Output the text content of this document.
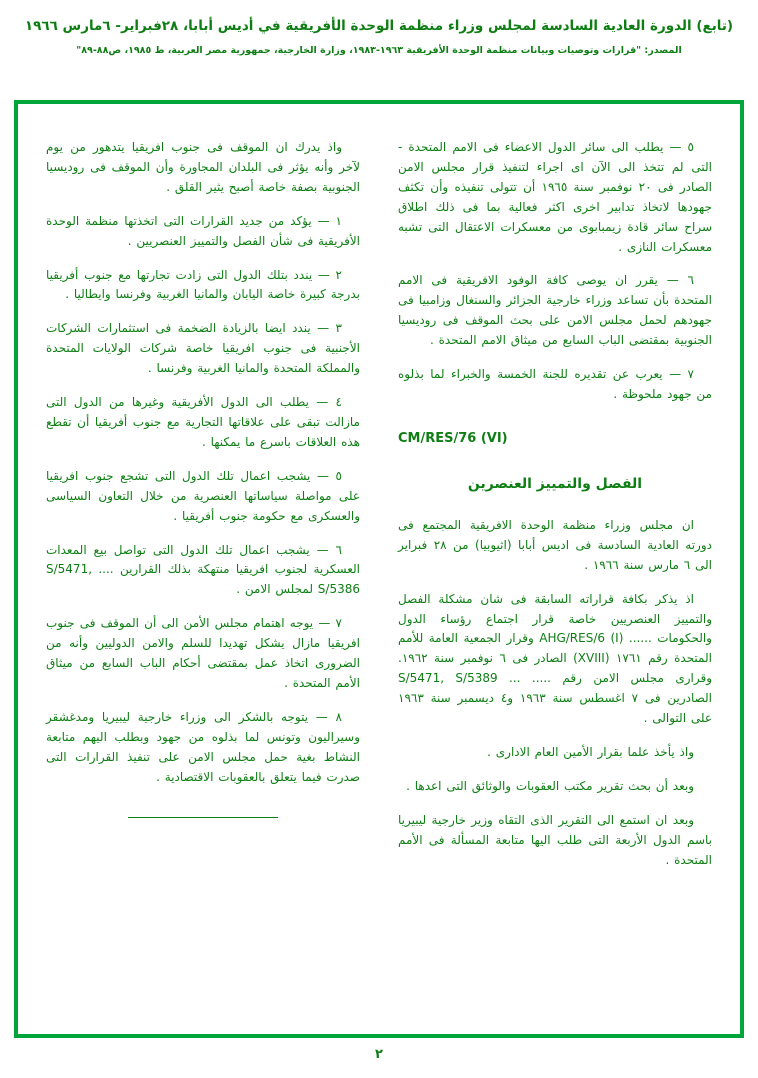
(تابع) الدورة العادية السادسة لمجلس وزراء منظمة الوحدة الأفريقية في أديس أبابا، ٢٨فبراير- ٦مارس ١٩٦٦
المصدر: "قرارات وتوصيات وبيانات منظمة الوحدة الأفريقية ١٩٦٣-١٩٨٣، وزارة الخارجية، جمهورية مصر العربية، ط ١٩٨٥، ص٨٨-٨٩"

٥ — يطلب الى سائر الدول الاعضاء فى الامم المتحدة - التى لم تتخذ الى الآن اى اجراء لتنفيذ قرار مجلس الامن الصادر فى ٢٠ نوفمبر سنة ١٩٦٥ أن تتولى تنفيذه وأن تكثف جهودها لاتخاذ تدابير اخرى اكثر فعالية بما فى ذلك اطلاق سراح سائر قادة زيمبابوى من معسكرات الاعتقال التى تشبه معسكرات النازى .

٦ — يقرر ان يوصى كافة الوفود الافريقية فى الامم المتحدة بأن تساعد وزراء خارجية الجزائر والسنغال وزامبيا فى جهودهم لحمل مجلس الامن على بحث الموقف فى روديسيا الجنوبية بمقتضى الباب السابع من ميثاق الامم المتحدة .

٧ — يعرب عن تقديره للجنة الخمسة والخبراء لما بذلوه من جهود ملحوظة .

CM/RES/76 (VI)
الفصل والتمييز العنصرين

ان مجلس وزراء منظمة الوحدة الافريقية المجتمع فى دورته العادية السادسة فى اديس أبابا (اثيوبيا) من ٢٨ فبراير الى ٦ مارس سنة ١٩٦٦ .

اذ يذكر بكافة قراراته السابقة فى شان مشكلة الفصل والتمييز العنصريين خاصة قرار اجتماع رؤساء الدول والحكومات ...... AHG/RES/6 (I) وقرار الجمعية العامة للأمم المتحدة رقم ١٧٦١ (XVIII) الصادر فى ٦ نوفمبر سنة ١٩٦٢. وقرارى مجلس الامن رقم ..... ... S/5471, S/5389 الصادرين فى ٧ اغسطس سنة ١٩٦٣ و٤ ديسمبر سنة ١٩٦٣ على التوالى .

واذ يأخذ علما بقرار الأمين العام الادارى .

وبعد أن بحث تقرير مكتب العقوبات والوثائق التى اعدها .

وبعد ان استمع الى التقرير الذى التقاه وزير خارجية ليبيريا باسم الدول الأربعة التى طلب اليها متابعة المسألة فى الأمم المتحدة .

واذ يدرك ان الموقف فى جنوب افريقيا يتدهور من يوم لآخر وأنه يؤثر فى البلدان المجاورة وأن الموقف فى روديسيا الجنوبية بصفة خاصة أصبح يثير القلق .

١ — يؤكد من جديد القرارات التى اتخذتها منظمة الوحدة الأفريقية فى شأن الفصل والتمييز العنصريين .

٢ — يندد بتلك الدول التى زادت تجارتها مع جنوب أفريقيا بدرجة كبيرة خاصة اليابان والمانيا الغربية وفرنسا وايطاليا .

٣ — يندد ايضا بالزيادة الضخمة فى استثمارات الشركات الأجنبية فى جنوب افريقيا خاصة شركات الولايات المتحدة والمملكة المتحدة والمانيا الغربية وفرنسا .

٤ — يطلب الى الدول الأفريقية وغيرها من الدول التى مازالت تبقى على علاقاتها التجارية مع جنوب أفريقيا أن تقطع هذه العلاقات باسرع ما يمكنها .

٥ — يشجب اعمال تلك الدول التى تشجع جنوب افريقيا على مواصلة سياساتها العنصرية من خلال التعاون السياسى والعسكرى مع حكومة جنوب أفريقيا .

٦ — يشجب اعمال تلك الدول التى تواصل بيع المعدات العسكرية لجنوب افريقيا منتهكة بذلك القرارين .... S/5471, S/5386 لمجلس الامن .

٧ — يوجه اهتمام مجلس الأمن الى أن الموقف فى جنوب افريقيا مازال يشكل تهديدا للسلم والامن الدوليين وأنه من الضرورى اتخاذ عمل بمقتضى أحكام الباب السابع من ميثاق الأمم المتحدة .

٨ — يتوجه بالشكر الى وزراء خارجية ليبيريا ومدغشقر وسيراليون وتونس لما بذلوه من جهود وبطلب اليهم متابعة النشاط بغية حمل مجلس الامن على تنفيذ القرارات التى صدرت فيما يتعلق بالعقوبات الاقتصادية .

٢
